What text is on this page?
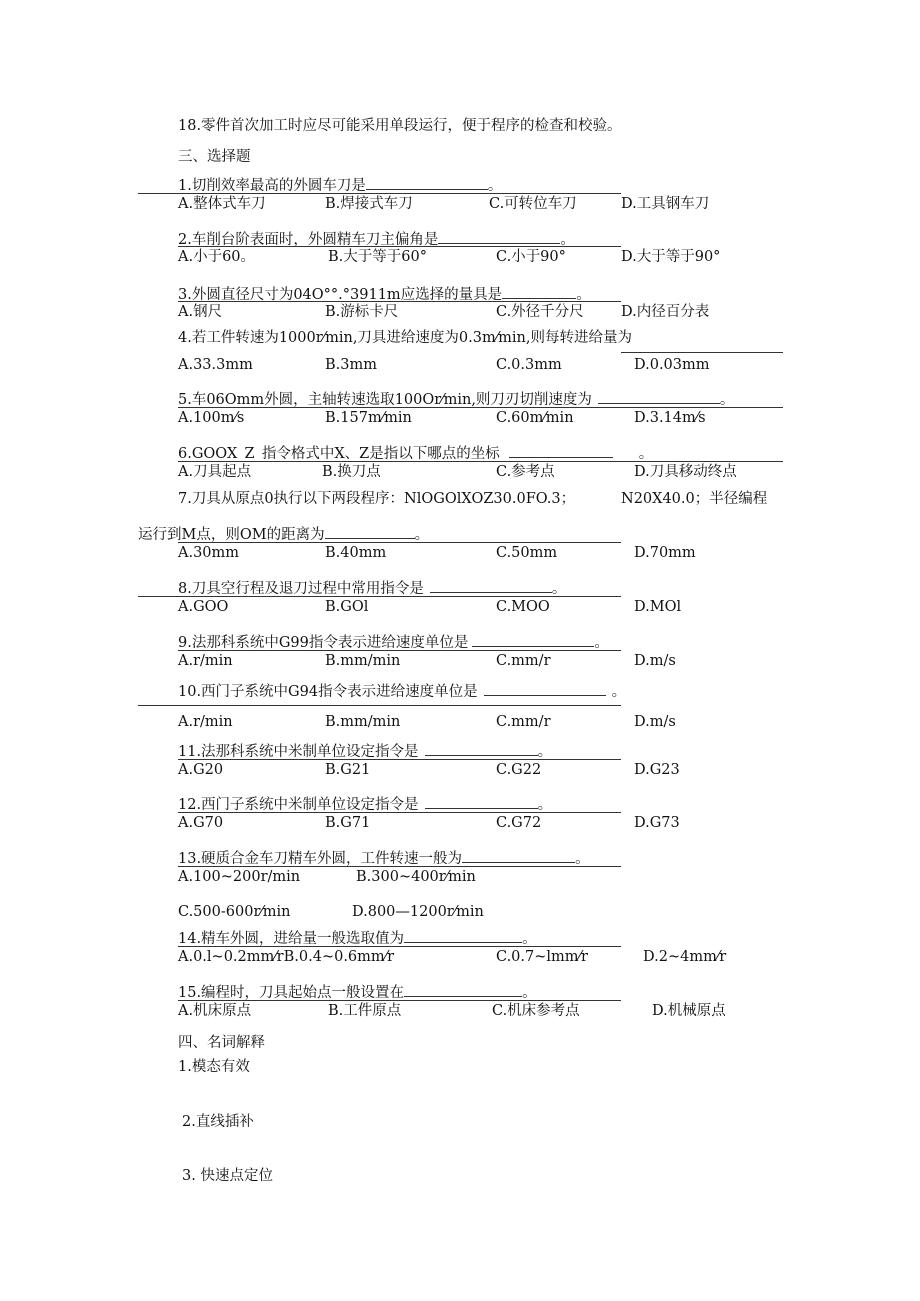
18.零件首次加工时应尽可能采用单段运行，便于程序的检查和校验。
三、选择题
1.切削效率最高的外圆车刀是	。
A.整体式车刀	B.焊接式车刀	C.可转位车刀	D.工具钢车刀
2.车削台阶表面时，外圆精车刀主偏角是	。
A.小于60。	B.大于等于60°	C.小于90°	D.大于等于90°
3.外圆直径尺寸为04O°°.°3911m应选择的量具是	。
A.钢尺	B.游标卡尺	C.外径千分尺	D.内径百分表
4.若工件转速为1000r⁄min,刀具进给速度为0.3m⁄min,则每转进给量为
A.33.3mm	B.3mm	C.0.3mm	D.0.03mm
5.车06Omm外圆，主轴转速选取100Or⁄min,则刀刃切削速度为	。
A.100m⁄s	B.157m⁄min	C.60m⁄min	D.3.14m⁄s
6.GOOX_Z_指令格式中X、Z是指以下哪点的坐标	。
A.刀具起点	B.换刀点	C.参考点	D.刀具移动终点
7.刀具从原点0执行以下两段程序：NlOGOlXOZ30.0FO.3；	N20X40.0；半径编程
运行到M点，则OM的距离为	。
A.30mm	B.40mm	C.50mm	D.70mm
8.刀具空行程及退刀过程中常用指令是	。
A.GOO	B.GOl	C.MOO	D.MOl
9.法那科系统中G99指令表示进给速度单位是	。
A.r/min	B.mm/min	C.mm/r	D.m/s
10.西门子系统中G94指令表示进给速度单位是	。
A.r/min	B.mm/min	C.mm/r	D.m/s
11.法那科系统中米制单位设定指令是	。
A.G20	B.G21	C.G22	D.G23
12.西门子系统中米制单位设定指令是	。
A.G70	B.G71	C.G72	D.G73
13.硬质合金车刀精车外圆，工件转速一般为	。
A.100~200r/min	B.300~400r⁄min
C.500-600r⁄min	D.800—1200r⁄min
14.精车外圆，进给量一般选取值为	。
A.0.l~0.2mm⁄rB.0.4~0.6mm⁄r	C.0.7~lmm⁄r	D.2~4mm⁄r
15.编程时，刀具起始点一般设置在	。
A.机床原点	B.工件原点	C.机床参考点	D.机械原点
四、名词解释
1.模态有效
2.直线插补
3. 快速点定位
